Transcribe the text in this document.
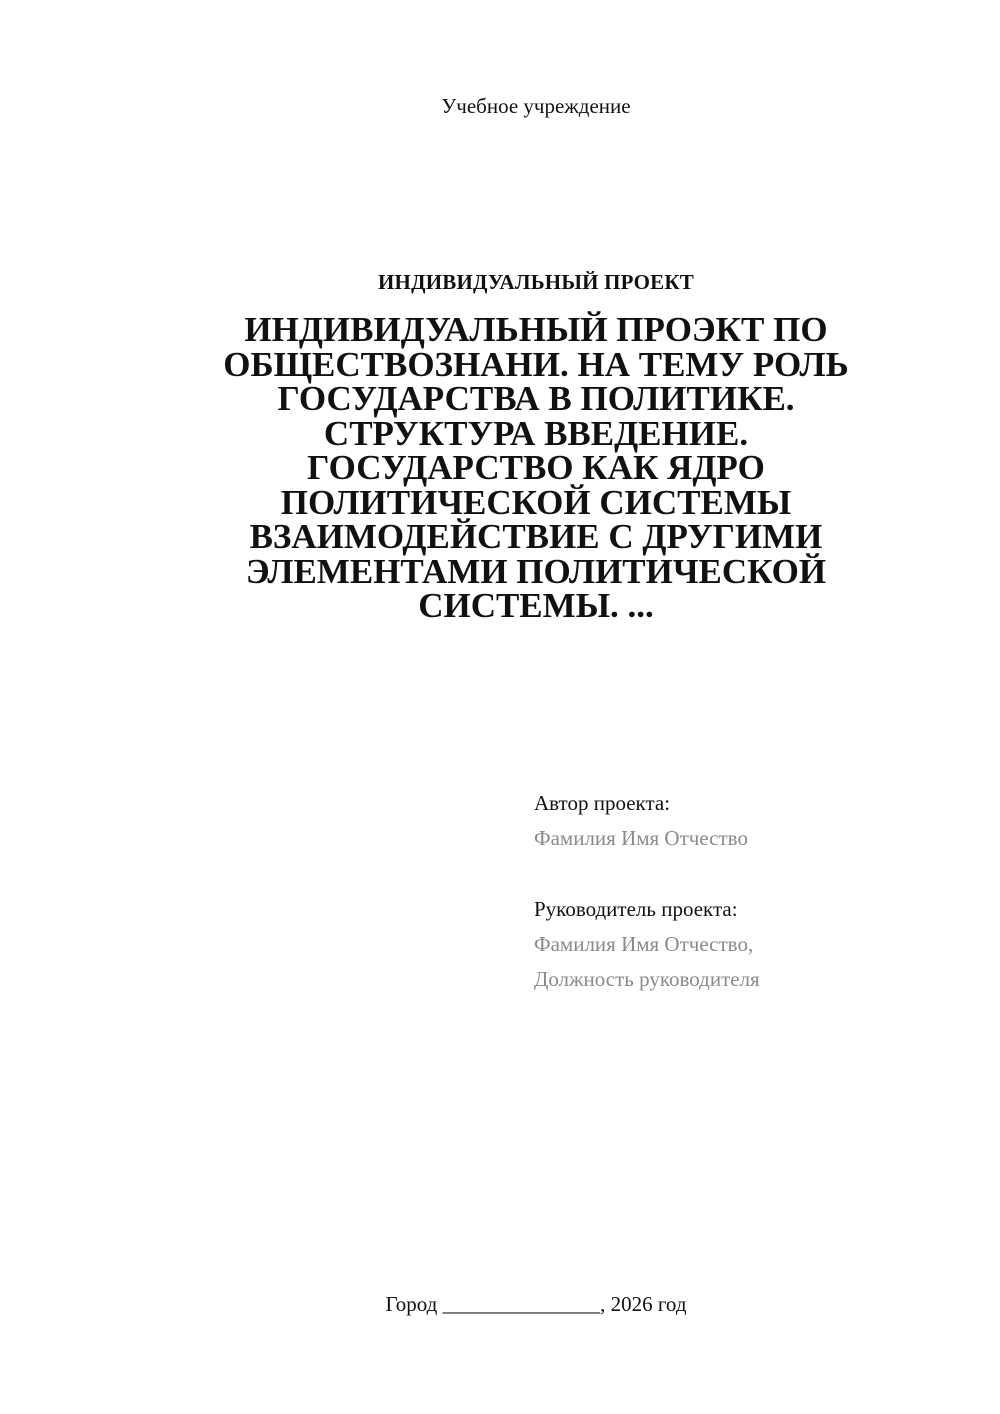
Учебное учреждение
ИНДИВИДУАЛЬНЫЙ ПРОЕКТ
ИНДИВИДУАЛЬНЫЙ ПРОЭКТ ПО
ОБЩЕСТВОЗНАНИ. НА ТЕМУ РОЛЬ
ГОСУДАРСТВА В ПОЛИТИКЕ.
СТРУКТУРА ВВЕДЕНИЕ.
ГОСУДАРСТВО КАК ЯДРО
ПОЛИТИЧЕСКОЙ СИСТЕМЫ
ВЗАИМОДЕЙСТВИЕ С ДРУГИМИ
ЭЛЕМЕНТАМИ ПОЛИТИЧЕСКОЙ
СИСТЕМЫ. ...
Автор проекта:
Фамилия Имя Отчество
Руководитель проекта:
Фамилия Имя Отчество,
Должность руководителя
Город _______________, 2026 год
